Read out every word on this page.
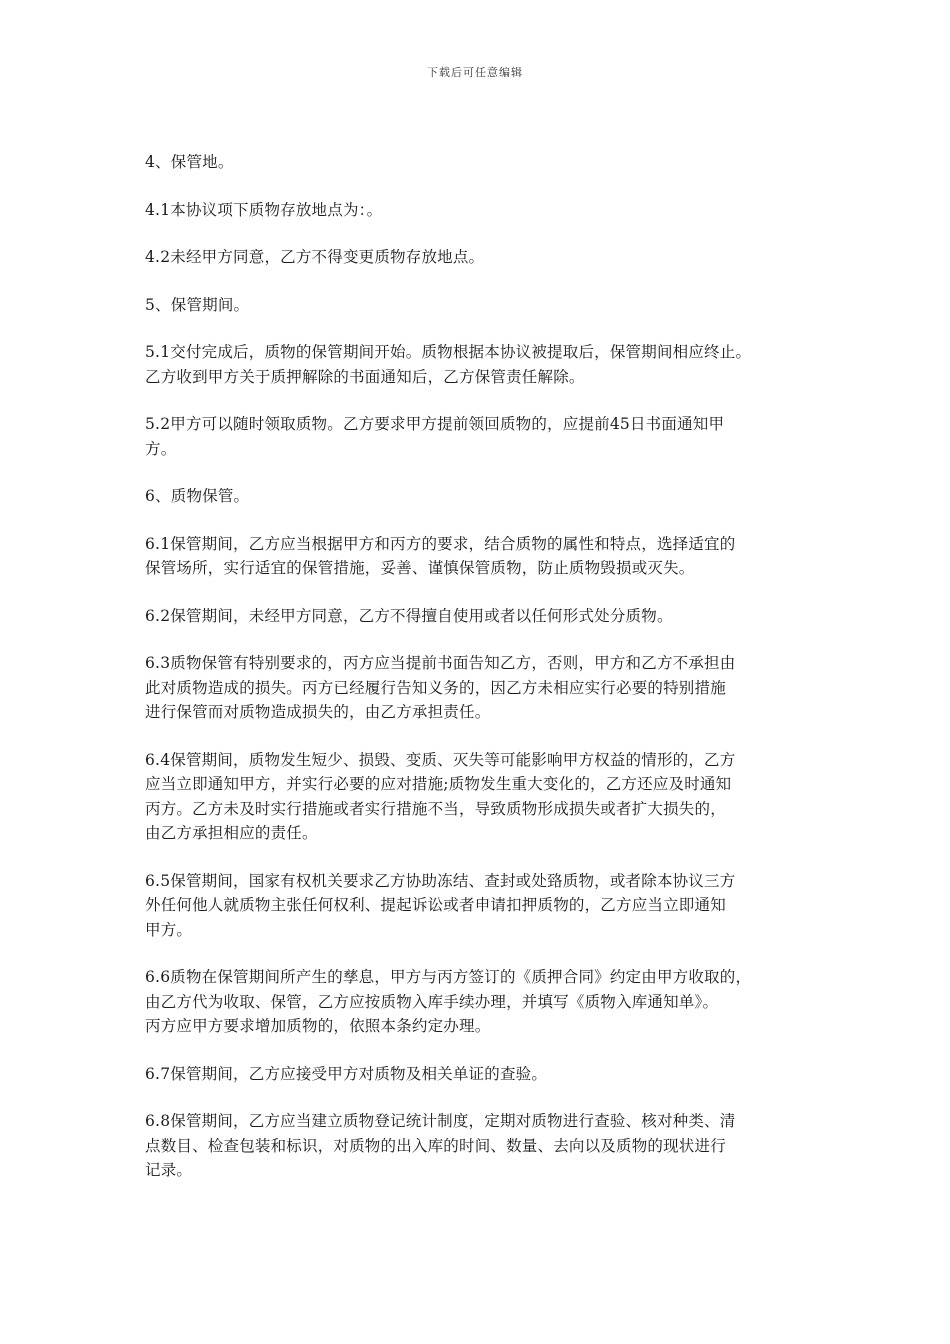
下载后可任意编辑

4、保管地。

4.1本协议项下质物存放地点为：。

4.2未经甲方同意，乙方不得变更质物存放地点。

5、保管期间。

5.1交付完成后，质物的保管期间开始。质物根据本协议被提取后，保管期间相应终止。
乙方收到甲方关于质押解除的书面通知后，乙方保管责任解除。

5.2甲方可以随时领取质物。乙方要求甲方提前领回质物的，应提前45日书面通知甲
方。

6、质物保管。

6.1保管期间，乙方应当根据甲方和丙方的要求，结合质物的属性和特点，选择适宜的
保管场所，实行适宜的保管措施，妥善、谨慎保管质物，防止质物毁损或灭失。

6.2保管期间，未经甲方同意，乙方不得擅自使用或者以任何形式处分质物。

6.3质物保管有特别要求的，丙方应当提前书面告知乙方，否则，甲方和乙方不承担由
此对质物造成的损失。丙方已经履行告知义务的，因乙方未相应实行必要的特别措施
进行保管而对质物造成损失的，由乙方承担责任。

6.4保管期间，质物发生短少、损毁、变质、灭失等可能影响甲方权益的情形的，乙方
应当立即通知甲方，并实行必要的应对措施;质物发生重大变化的，乙方还应及时通知
丙方。乙方未及时实行措施或者实行措施不当，导致质物形成损失或者扩大损失的，
由乙方承担相应的责任。

6.5保管期间，国家有权机关要求乙方协助冻结、查封或处臵质物，或者除本协议三方
外任何他人就质物主张任何权利、提起诉讼或者申请扣押质物的，乙方应当立即通知
甲方。

6.6质物在保管期间所产生的孳息，甲方与丙方签订的《质押合同》约定由甲方收取的，
由乙方代为收取、保管，乙方应按质物入库手续办理，并填写《质物入库通知单》。
丙方应甲方要求增加质物的，依照本条约定办理。

6.7保管期间，乙方应接受甲方对质物及相关单证的查验。

6.8保管期间，乙方应当建立质物登记统计制度，定期对质物进行查验、核对种类、清
点数目、检查包装和标识，对质物的出入库的时间、数量、去向以及质物的现状进行
记录。
